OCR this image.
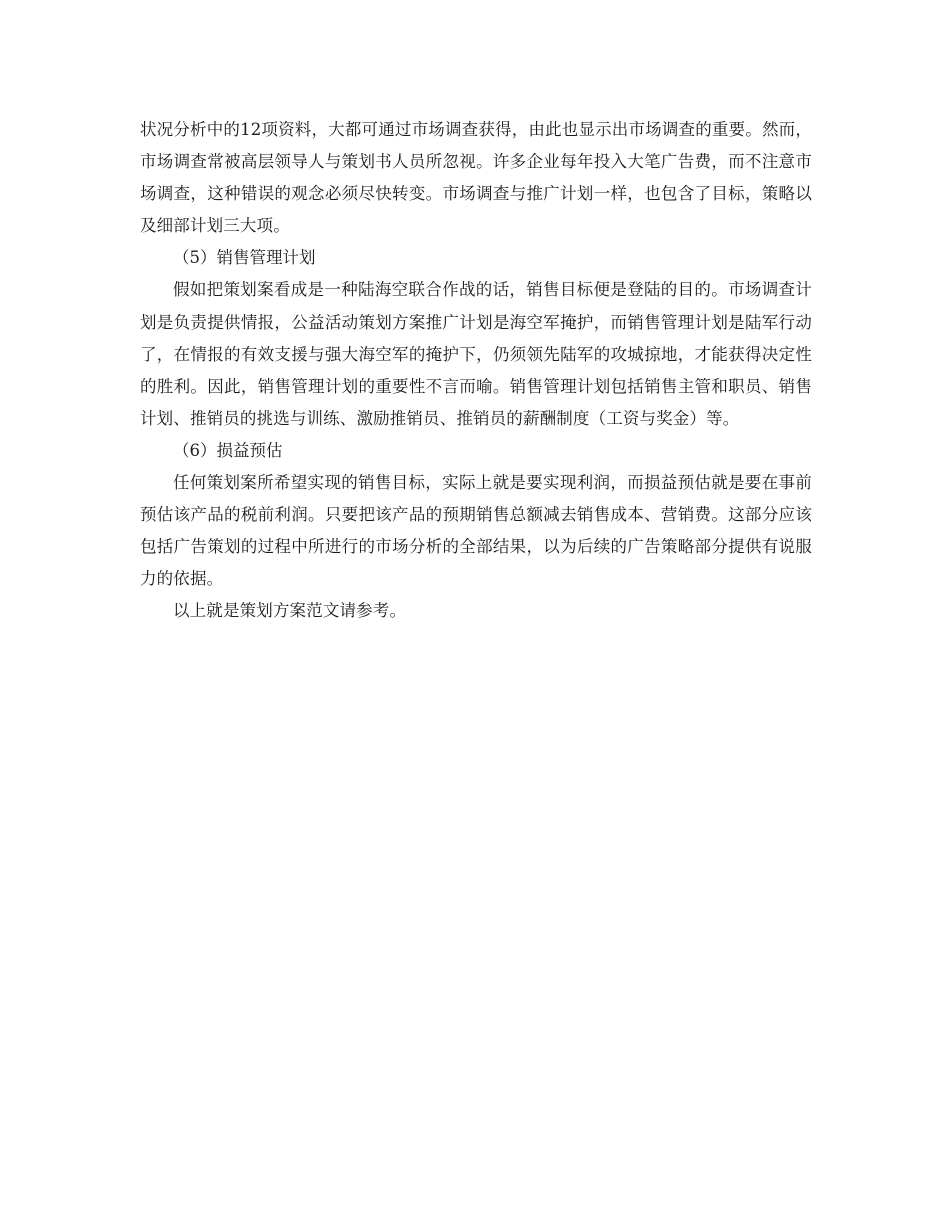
状况分析中的12项资料，大都可通过市场调查获得，由此也显示出市场调查的重要。然而，市场调查常被高层领导人与策划书人员所忽视。许多企业每年投入大笔广告费，而不注意市场调查，这种错误的观念必须尽快转变。市场调查与推广计划一样，也包含了目标，策略以及细部计划三大项。

（5）销售管理计划

假如把策划案看成是一种陆海空联合作战的话，销售目标便是登陆的目的。市场调查计划是负责提供情报，公益活动策划方案推广计划是海空军掩护，而销售管理计划是陆军行动了，在情报的有效支援与强大海空军的掩护下，仍须领先陆军的攻城掠地，才能获得决定性的胜利。因此，销售管理计划的重要性不言而喻。销售管理计划包括销售主管和职员、销售计划、推销员的挑选与训练、激励推销员、推销员的薪酬制度（工资与奖金）等。

（6）损益预估

任何策划案所希望实现的销售目标，实际上就是要实现利润，而损益预估就是要在事前预估该产品的税前利润。只要把该产品的预期销售总额减去销售成本、营销费。这部分应该包括广告策划的过程中所进行的市场分析的全部结果，以为后续的广告策略部分提供有说服力的依据。

以上就是策划方案范文请参考。
